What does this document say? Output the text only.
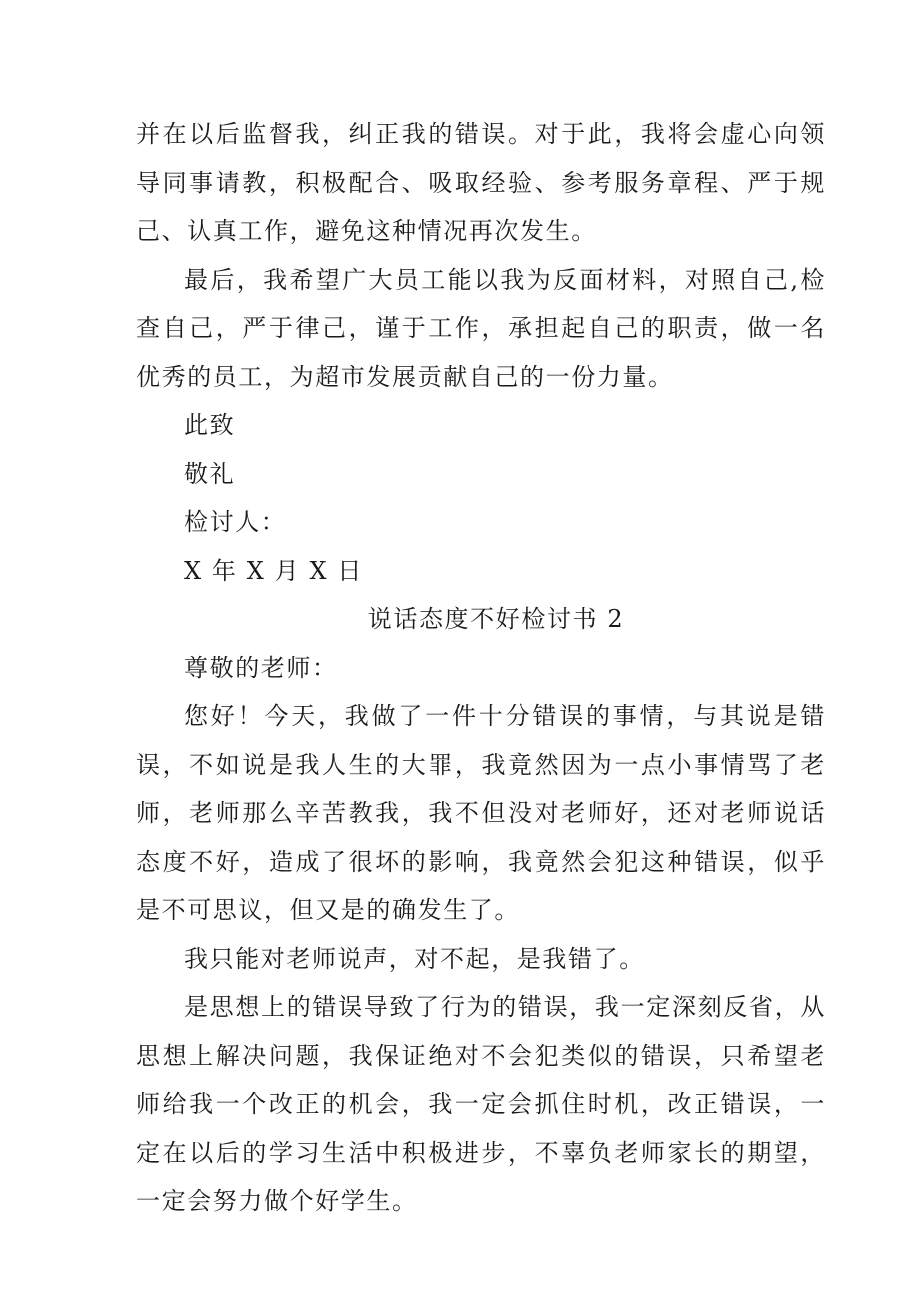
并在以后监督我，纠正我的错误。对于此，我将会虚心向领导同事请教，积极配合、吸取经验、参考服务章程、严于规己、认真工作，避免这种情况再次发生。

最后，我希望广大员工能以我为反面材料，对照自己,检查自己，严于律己，谨于工作，承担起自己的职责，做一名优秀的员工，为超市发展贡献自己的一份力量。

此致

敬礼

检讨人：

X 年 X 月 X 日

说话态度不好检讨书 2

尊敬的老师：

您好！今天，我做了一件十分错误的事情，与其说是错误，不如说是我人生的大罪，我竟然因为一点小事情骂了老师，老师那么辛苦教我，我不但没对老师好，还对老师说话态度不好，造成了很坏的影响，我竟然会犯这种错误，似乎是不可思议，但又是的确发生了。

我只能对老师说声，对不起，是我错了。

是思想上的错误导致了行为的错误，我一定深刻反省，从思想上解决问题，我保证绝对不会犯类似的错误，只希望老师给我一个改正的机会，我一定会抓住时机，改正错误，一定在以后的学习生活中积极进步，不辜负老师家长的期望，一定会努力做个好学生。
